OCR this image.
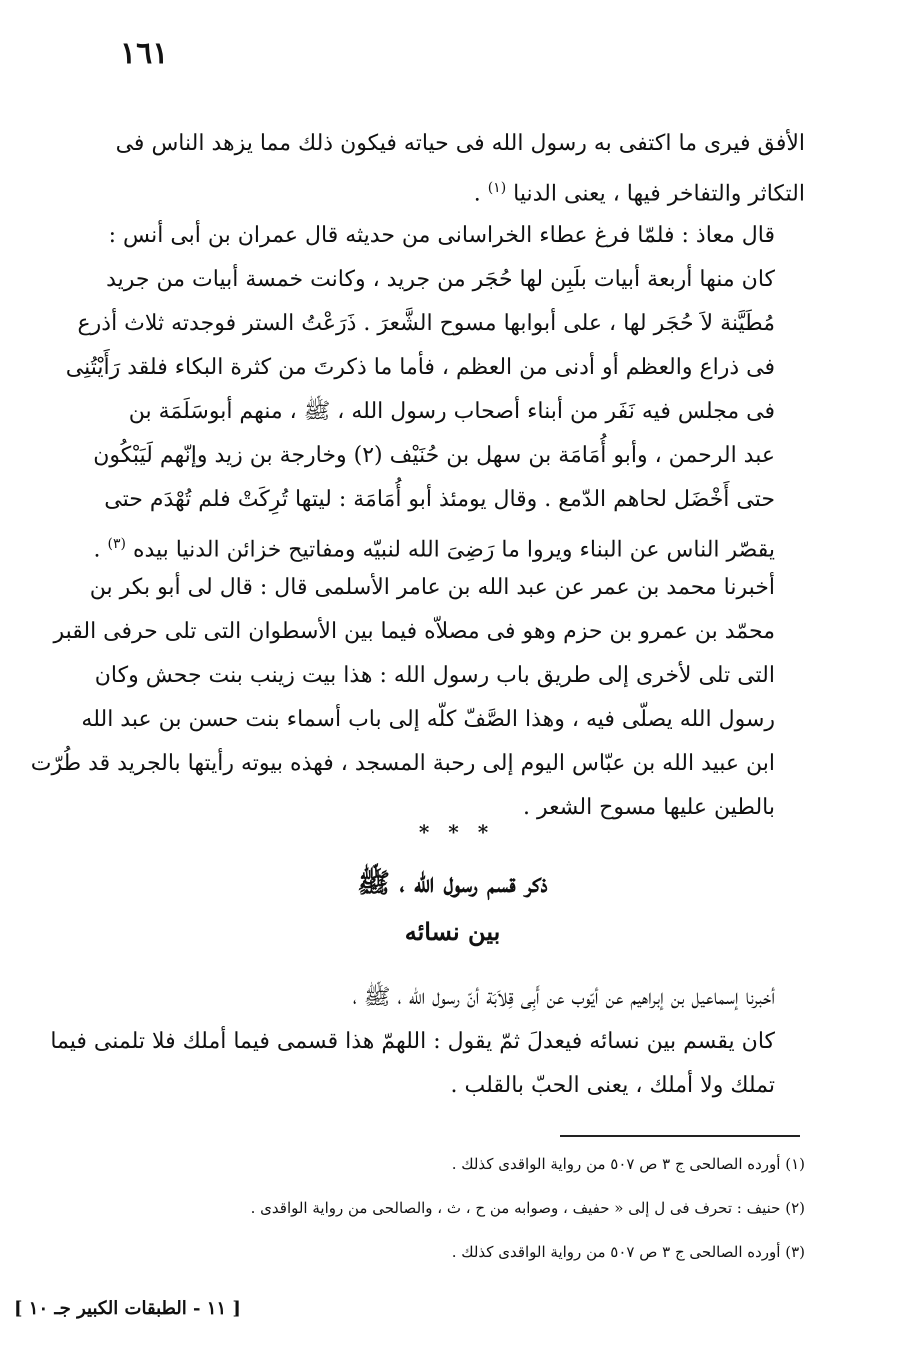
١٦١
الأفق فيرى ما اكتفى به رسول الله فى حياته فيكون ذلك مما يزهد الناس فى
التكاثر والتفاخر فيها ، يعنى الدنيا $^{(١)}$ .
قال معاذ : فلمّا فرغ عطاء الخراسانى من حديثه قال عمران بن أبى أنس :
كان منها أربعة أبيات بلَبِن لها حُجَر من جريد ، وكانت خمسة أبيات من جريد
مُطَيَّنة لاَ حُجَر لها ، على أبوابها مسوح الشَّعرَ . ذَرَعْتُ الستر فوجدته ثلاث أذرع
فى ذراع والعظم أو أدنى من العظم ، فأما ما ذكرتَ من كثرة البكاء فلقد رَأَيْتُنِى
فى مجلس فيه نَفَر من أبناء أصحاب رسول الله ، ﷺ ، منهم أبوسَلَمَة بن
عبد الرحمن ، وأبو أُمَامَة بن سهل بن حُنَيْف (٢) وخارجة بن زيد وإنّهم لَيَبْكُون
حتى أَخْضَل لحاهم الدّمع . وقال يومئذ أبو أُمَامَة : ليتها تُرِكَتْ فلم تُهْدَم حتى
يقصّر الناس عن البناء ويروا ما رَضِىَ الله لنبيّه ومفاتيح خزائن الدنيا بيده $^{(٣)}$ .
أخبرنا محمد بن عمر عن عبد الله بن عامر الأسلمى قال : قال لى أبو بكر بن
محمّد بن عمرو بن حزم وهو فى مصلاّه فيما بين الأسطوان التى تلى حرفى القبر
التى تلى لأخرى إلى طريق باب رسول الله : هذا بيت زينب بنت جحش وكان
رسول الله يصلّى فيه ، وهذا الصَّفّ كلّه إلى باب أسماء بنت حسن بن عبد الله
ابن عبيد الله بن عبّاس اليوم إلى رحبة المسجد ، فهذه بيوته رأيتها بالجريد قد طُرّت
بالطين عليها مسوح الشعر .
* * *
ذكر قسم رسول الله ، ﷺ
بين نسائه
أخبرنا إسماعيل بن إبراهيم عن أيّوب عن أَبِى قِلاَبَة أنّ رسول الله ، ﷺ ،
كان يقسم بين نسائه فيعدلَ ثمّ يقول : اللهمّ هذا قسمى فيما أملك فلا تلمنى فيما
تملك ولا أملك ، يعنى الحبّ بالقلب .
(١) أورده الصالحى ج ٣ ص ٥٠٧ من رواية الواقدى كذلك .
(٢) حنيف : تحرف فى ل إلى « حفيف ، وصوابه من ح ، ث ، والصالحى من رواية الواقدى .
(٣) أورده الصالحى ج ٣ ص ٥٠٧ من رواية الواقدى كذلك .
[ ١١ - الطبقات الكبير جـ ١٠ ]
